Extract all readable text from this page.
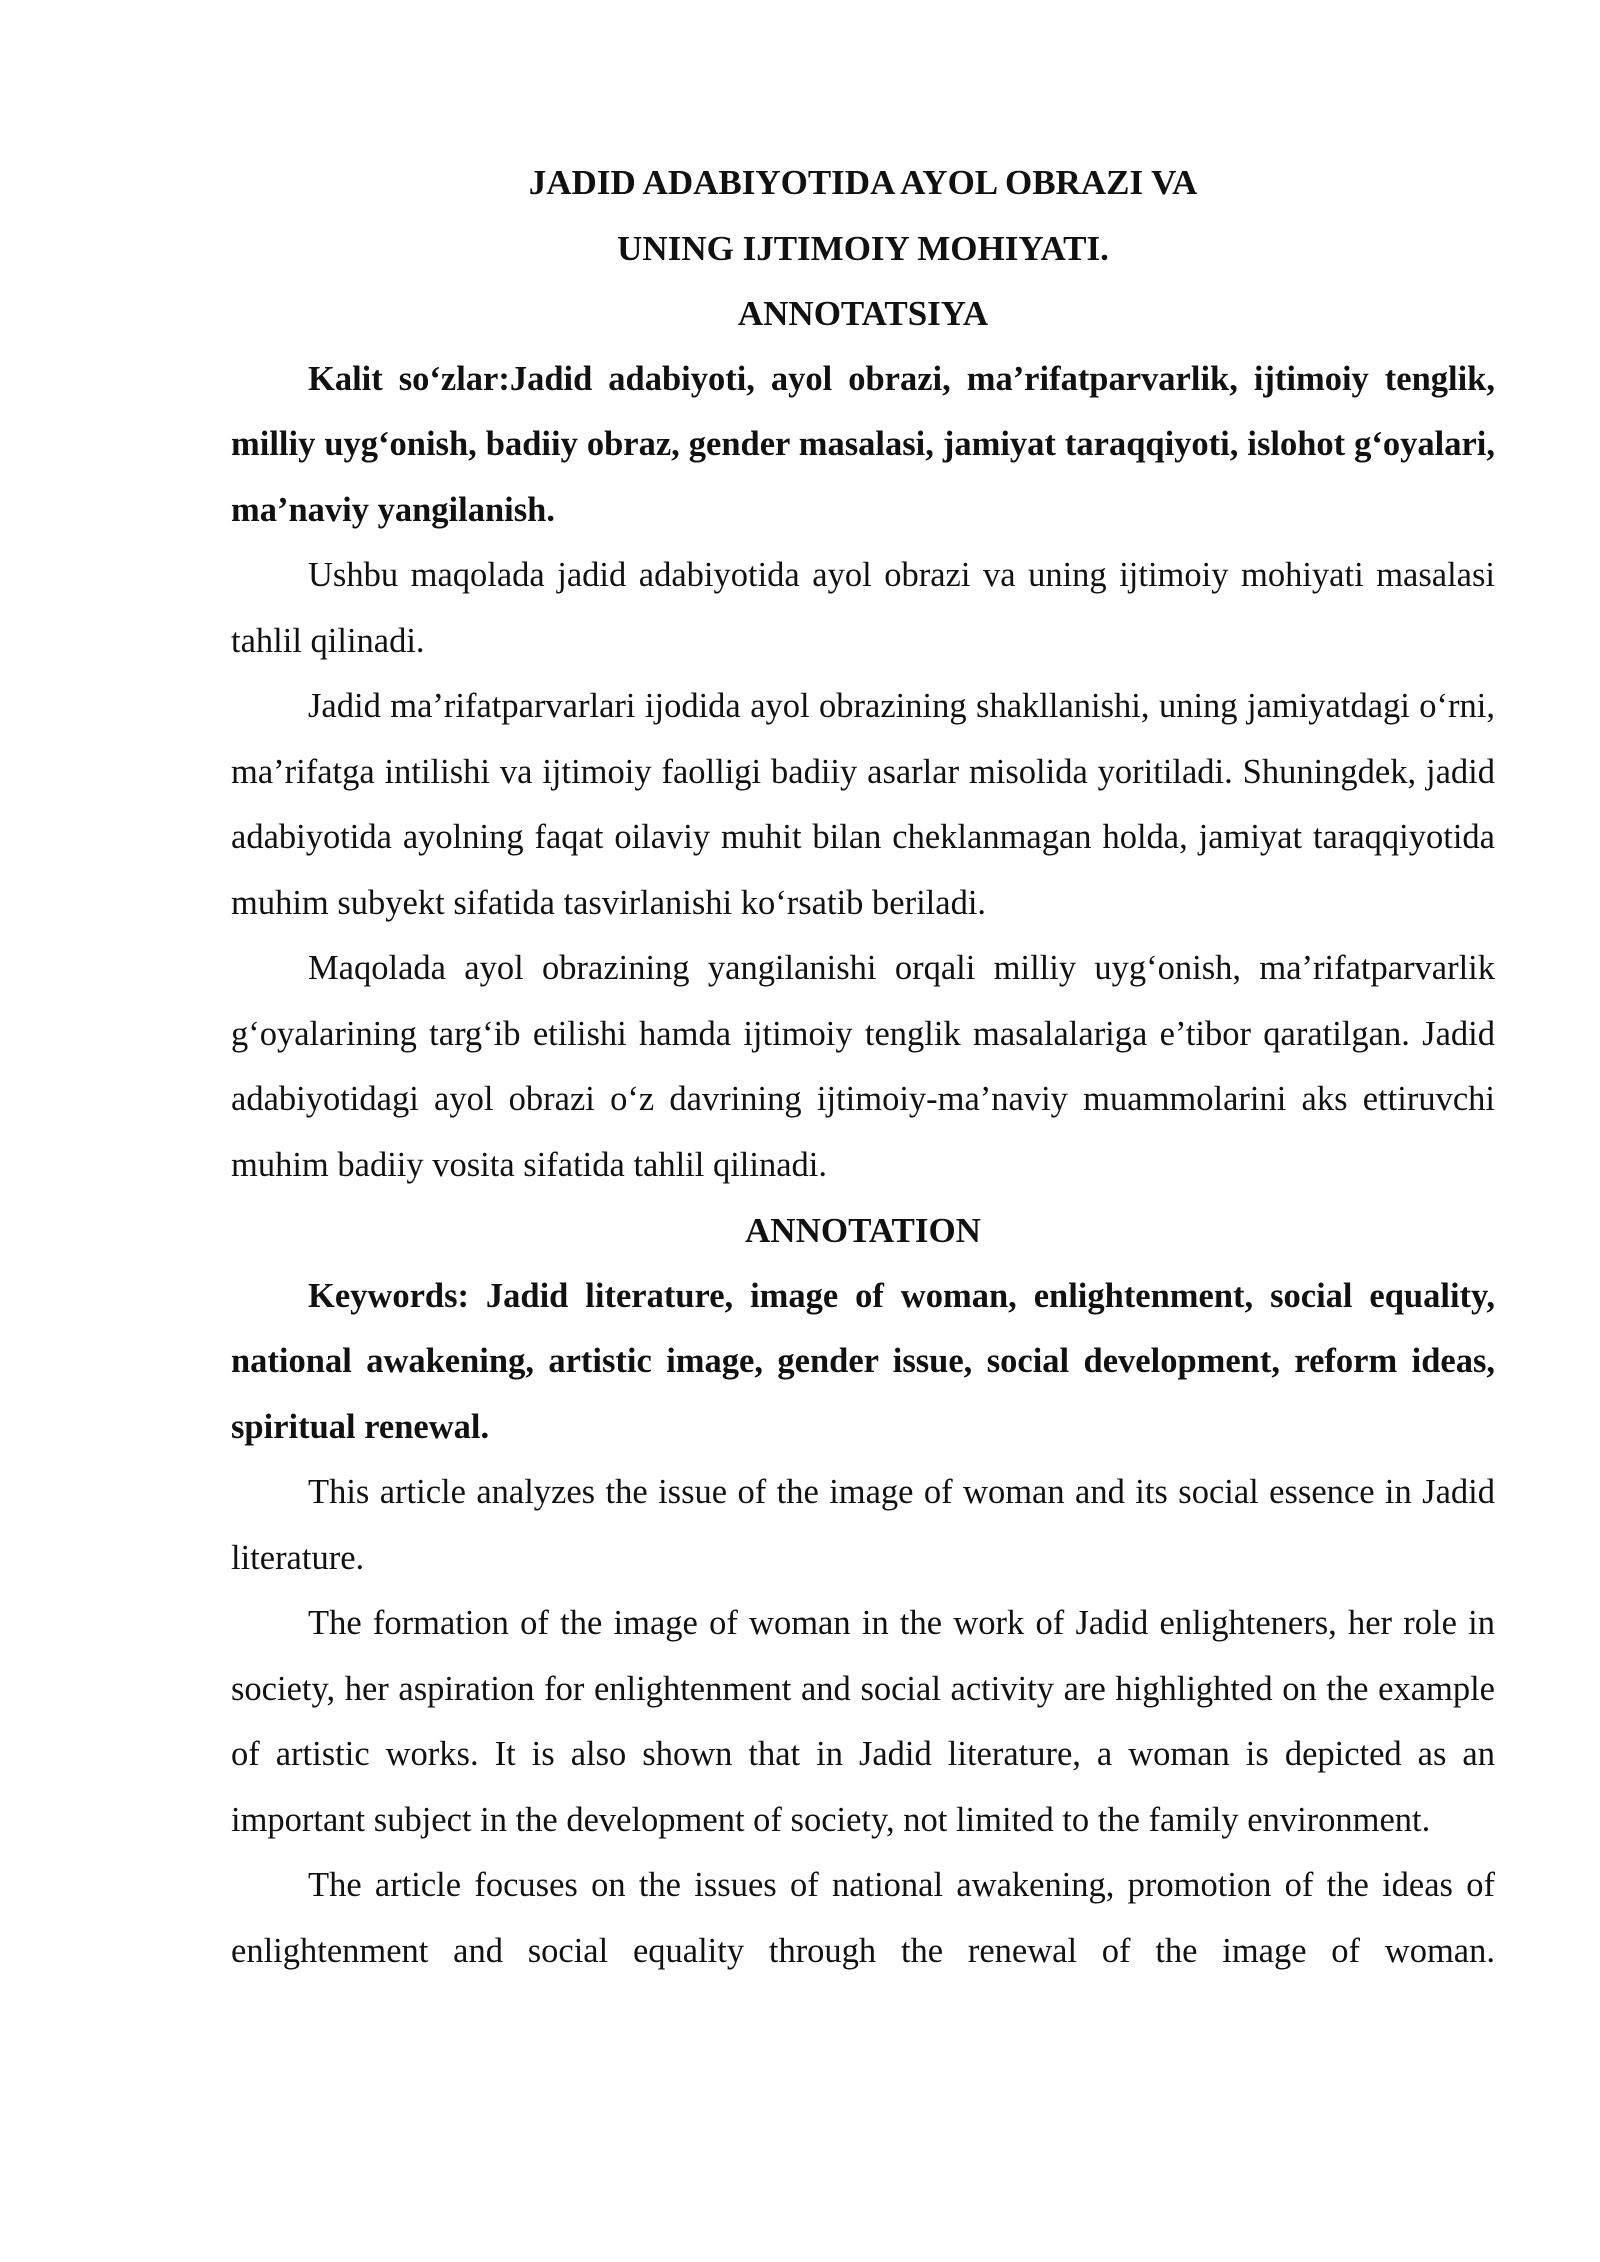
JADID ADABIYOTIDA AYOL OBRAZI VA

UNING IJTIMOIY MOHIYATI.

ANNOTATSIYA

Kalit so‘zlar:Jadid adabiyoti, ayol obrazi, ma’rifatparvarlik, ijtimoiy tenglik, milliy uyg‘onish, badiiy obraz, gender masalasi, jamiyat taraqqiyoti, islohot g‘oyalari, ma’naviy yangilanish.

Ushbu maqolada jadid adabiyotida ayol obrazi va uning ijtimoiy mohiyati masalasi tahlil qilinadi.

Jadid ma’rifatparvarlari ijodida ayol obrazining shakllanishi, uning jamiyatdagi o‘rni, ma’rifatga intilishi va ijtimoiy faolligi badiiy asarlar misolida yoritiladi. Shuningdek, jadid adabiyotida ayolning faqat oilaviy muhit bilan cheklanmagan holda, jamiyat taraqqiyotida muhim subyekt sifatida tasvirlanishi ko‘rsatib beriladi.

Maqolada ayol obrazining yangilanishi orqali milliy uyg‘onish, ma’rifatparvarlik g‘oyalarining targ‘ib etilishi hamda ijtimoiy tenglik masalalariga e’tibor qaratilgan. Jadid adabiyotidagi ayol obrazi o‘z davrining ijtimoiy-ma’naviy muammolarini aks ettiruvchi muhim badiiy vosita sifatida tahlil qilinadi.

ANNOTATION

Keywords: Jadid literature, image of woman, enlightenment, social equality, national awakening, artistic image, gender issue, social development, reform ideas, spiritual renewal.

This article analyzes the issue of the image of woman and its social essence in Jadid literature.

The formation of the image of woman in the work of Jadid enlighteners, her role in society, her aspiration for enlightenment and social activity are highlighted on the example of artistic works. It is also shown that in Jadid literature, a woman is depicted as an important subject in the development of society, not limited to the family environment.

The article focuses on the issues of national awakening, promotion of the ideas of enlightenment and social equality through the renewal of the image of woman.
